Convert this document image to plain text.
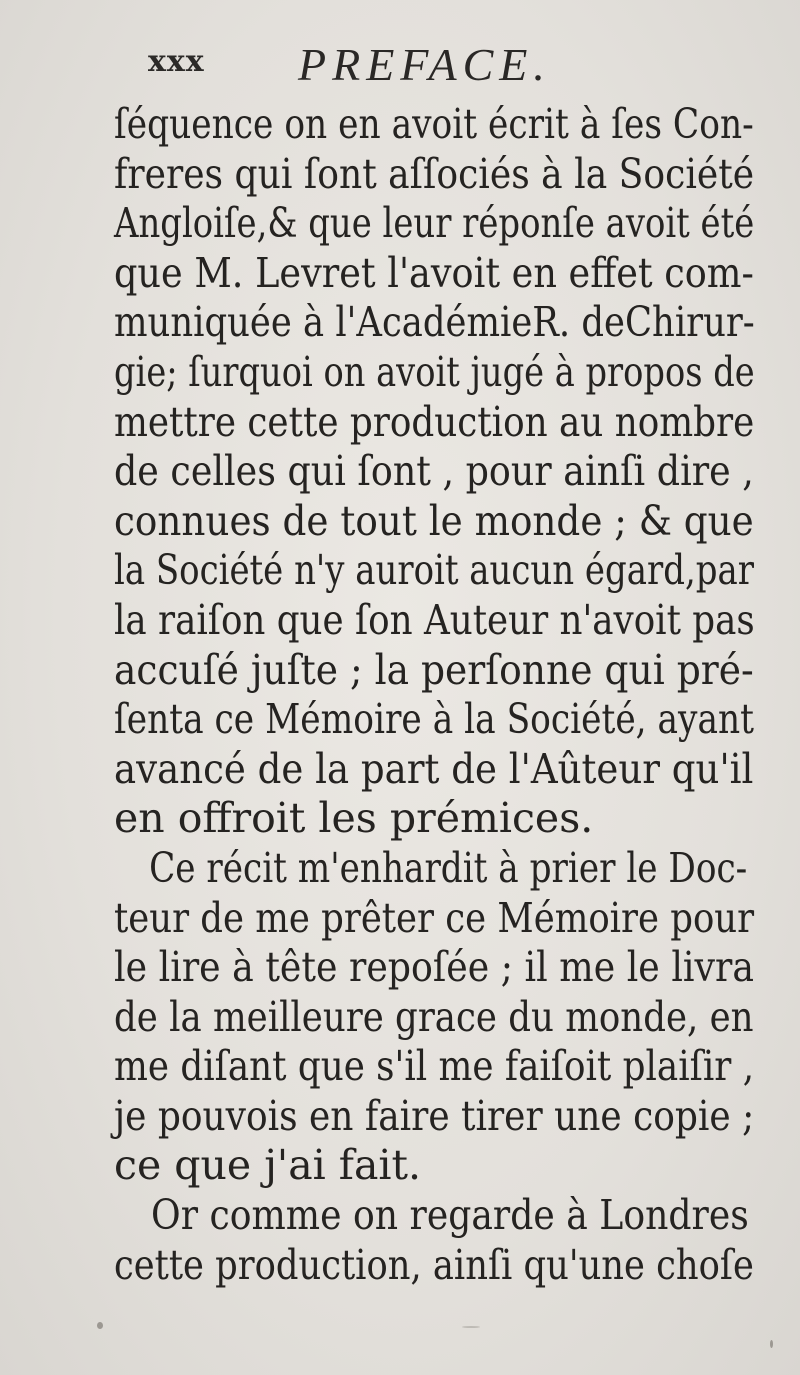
xxx PREFACE.
ſéquence on en avoit écrit à ſes Con-
freres qui ſont aſſociés à la Société
Angloiſe,& que leur réponſe avoit été
que M. Levret l'avoit en effet com-
muniquée à l'AcadémieR. deChirur-
gie; ſurquoi on avoit jugé à propos de
mettre cette production au nombre
de celles qui ſont , pour ainſi dire ,
connues de tout le monde ; & que
la Société n'y auroit aucun égard,par
la raiſon que ſon Auteur n'avoit pas
accuſé juſte ; la perſonne qui pré-
ſenta ce Mémoire à la Société, ayant
avancé de la part de l'Aûteur qu'il
en offroit les prémices.
Ce récit m'enhardit à prier le Doc-
teur de me prêter ce Mémoire pour
le lire à tête repoſée ; il me le livra
de la meilleure grace du monde, en
me diſant que s'il me faiſoit plaiſir ,
je pouvois en faire tirer une copie ;
ce que j'ai fait.
Or comme on regarde à Londres
cette production, ainſi qu'une choſe
